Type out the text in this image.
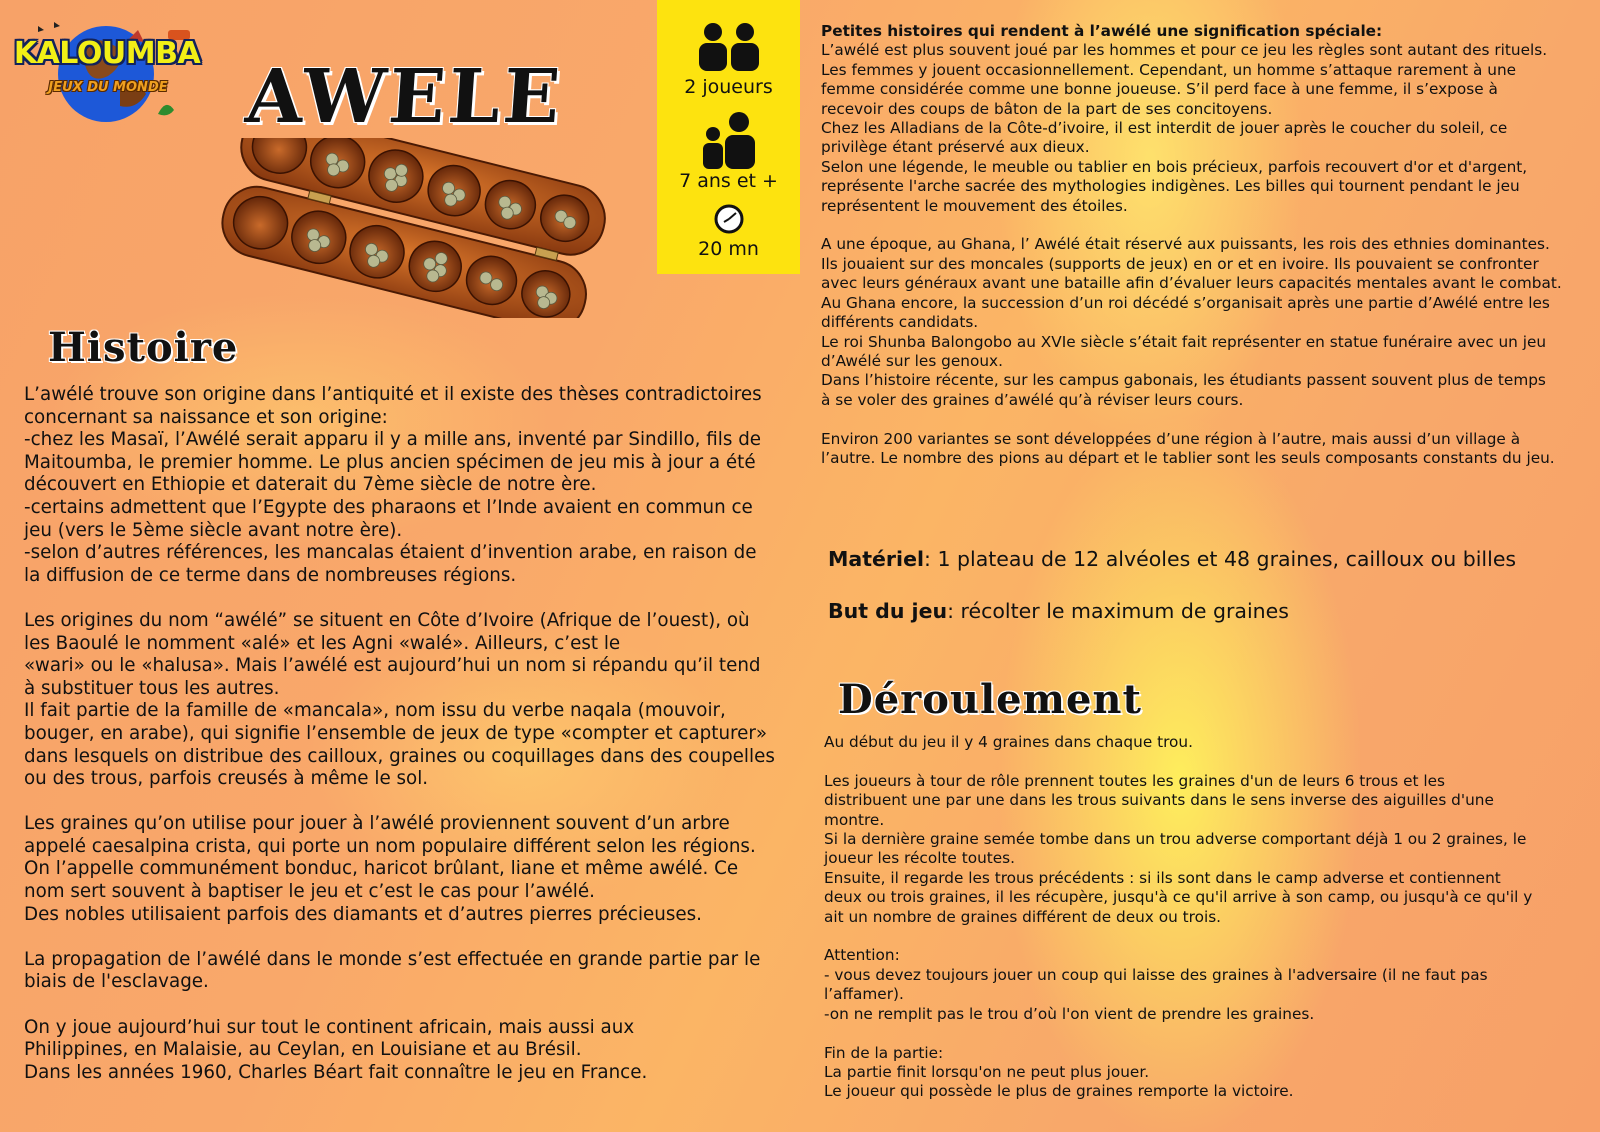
KALOUMBA
JEUX DU MONDE AWELE	2 joueurs
7 ans et +
20 mn
Histoire
L’awélé trouve son origine dans l’antiquité et il existe des thèses contradictoires
concernant sa naissance et son origine:
-chez les Masaï, l’Awélé serait apparu il y a mille ans, inventé par Sindillo, fils de
Maitoumba, le premier homme. Le plus ancien spécimen de jeu mis à jour a été
découvert en Ethiopie et daterait du 7ème siècle de notre ère.
-certains admettent que l’Egypte des pharaons et l’Inde avaient en commun ce
jeu (vers le 5ème siècle avant notre ère).
-selon d’autres références, les mancalas étaient d’invention arabe, en raison de
la diffusion de ce terme dans de nombreuses régions.

Les origines du nom “awélé” se situent en Côte d’Ivoire (Afrique de l’ouest), où
les Baoulé le nomment «alé» et les Agni «walé». Ailleurs, c’est le
«wari» ou le «halusa». Mais l’awélé est aujourd’hui un nom si répandu qu’il tend
à substituer tous les autres.
Il fait partie de la famille de «mancala», nom issu du verbe naqala (mouvoir,
bouger, en arabe), qui signifie l’ensemble de jeux de type «compter et capturer»
dans lesquels on distribue des cailloux, graines ou coquillages dans des coupelles
ou des trous, parfois creusés à même le sol.

Les graines qu’on utilise pour jouer à l’awélé proviennent souvent d’un arbre
appelé caesalpina crista, qui porte un nom populaire différent selon les régions.
On l’appelle communément bonduc, haricot brûlant, liane et même awélé. Ce
nom sert souvent à baptiser le jeu et c’est le cas pour l’awélé.
Des nobles utilisaient parfois des diamants et d’autres pierres précieuses.

La propagation de l’awélé dans le monde s’est effectuée en grande partie par le
biais de l'esclavage.

On y joue aujourd’hui sur tout le continent africain, mais aussi aux
Philippines, en Malaisie, au Ceylan, en Louisiane et au Brésil.
Dans les années 1960, Charles Béart fait connaître le jeu en France.
Petites histoires qui rendent à l’awélé une signification spéciale:
L’awélé est plus souvent joué par les hommes et pour ce jeu les règles sont autant des rituels.
Les femmes y jouent occasionnellement. Cependant, un homme s’attaque rarement à une
femme considérée comme une bonne joueuse. S’il perd face à une femme, il s’expose à
recevoir des coups de bâton de la part de ses concitoyens.
Chez les Alladians de la Côte-d’ivoire, il est interdit de jouer après le coucher du soleil, ce
privilège étant préservé aux dieux.
Selon une légende, le meuble ou tablier en bois précieux, parfois recouvert d'or et d'argent,
représente l'arche sacrée des mythologies indigènes. Les billes qui tournent pendant le jeu
représentent le mouvement des étoiles.

A une époque, au Ghana, l’ Awélé était réservé aux puissants, les rois des ethnies dominantes.
Ils jouaient sur des moncales (supports de jeux) en or et en ivoire. Ils pouvaient se confronter
avec leurs généraux avant une bataille afin d’évaluer leurs capacités mentales avant le combat.
Au Ghana encore, la succession d’un roi décédé s’organisait après une partie d’Awélé entre les
différents candidats.
Le roi Shunba Balongobo au XVIe siècle s’était fait représenter en statue funéraire avec un jeu
d’Awélé sur les genoux.
Dans l’histoire récente, sur les campus gabonais, les étudiants passent souvent plus de temps
à se voler des graines d’awélé qu’à réviser leurs cours.

Environ 200 variantes se sont développées d’une région à l’autre, mais aussi d’un village à
l’autre. Le nombre des pions au départ et le tablier sont les seuls composants constants du jeu.
Matériel: 1 plateau de 12 alvéoles et 48 graines, cailloux ou billes
But du jeu: récolter le maximum de graines
Déroulement
Au début du jeu il y 4 graines dans chaque trou.

Les joueurs à tour de rôle prennent toutes les graines d'un de leurs 6 trous et les
distribuent une par une dans les trous suivants dans le sens inverse des aiguilles d'une
montre.
Si la dernière graine semée tombe dans un trou adverse comportant déjà 1 ou 2 graines, le
joueur les récolte toutes.
Ensuite, il regarde les trous précédents : si ils sont dans le camp adverse et contiennent
deux ou trois graines, il les récupère, jusqu'à ce qu'il arrive à son camp, ou jusqu'à ce qu'il y
ait un nombre de graines différent de deux ou trois.

Attention:
- vous devez toujours jouer un coup qui laisse des graines à l'adversaire (il ne faut pas
l’affamer).
-on ne remplit pas le trou d’où l'on vient de prendre les graines.

Fin de la partie:
La partie finit lorsqu'on ne peut plus jouer.
Le joueur qui possède le plus de graines remporte la victoire.
